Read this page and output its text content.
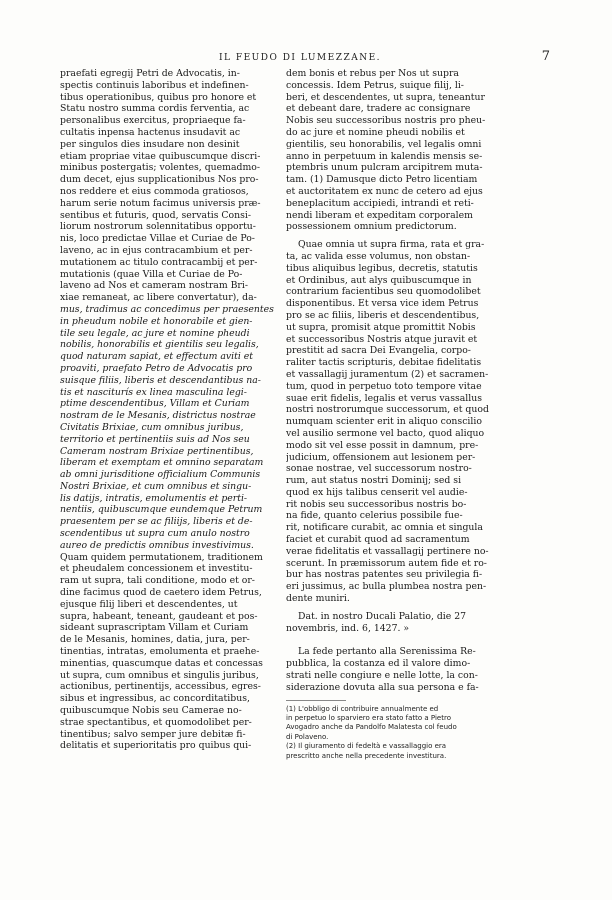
IL FEUDO DI LUMEZZANE.	7
praefati egregij Petri de Advocatis, in-
spectis continuis laboribus et indefinen-
tibus operationibus, quibus pro honore et
Statu nostro summa cordis ferventia, ac
personalibus exercitus, propriaeque fa-
cultatis inpensa hactenus insudavit ac
per singulos dies insudare non desinit
etiam propriae vitae quibuscumque discri-
minibus postergatis; volentes, quemadmo-
dum decet, ejus supplicationibus Nos pro-
nos reddere et eius commoda gratiosos,
harum serie notum facimus universis præ-
sentibus et futuris, quod, servatis Consi-
liorum nostrorum solennitatibus opportu-
nis, loco predictae Villae et Curiae de Po-
laveno, ac in ejus contracambium et per-
mutationem ac titulo contracambij et per-
mutationis (quae Villa et Curiae de Po-
laveno ad Nos et cameram nostram Bri-
xiae remaneat, ac libere convertatur), da-
mus, tradimus ac concedimus per praesentes
in pheudum nobile et honorabile et gien-
tile seu legale, ac jure et nomine pheudi
nobilis, honorabilis et gientilis seu legalis,
quod naturam sapiat, et effectum aviti et
proaviti, praefato Petro de Advocatis pro
suisque filiis, liberis et descendantibus na-
tis et nasciturís ex linea masculina legi-
ptime descendentibus, Villam et Curiam
nostram de le Mesanis, districtus nostrae
Civitatis Brixiae, cum omnibus juribus,
territorio et pertinentiis suis ad Nos seu
Cameram nostram Brixiae pertinentibus,
liberam et exemptam et omnino separatam
ab omni jurisditione officialium Communis
Nostri Brixiae, et cum omnibus et singu-
lis datijs, intratis, emolumentis et perti-
nentiis, quibuscumque eundemque Petrum
praesentem per se ac filiijs, liberis et de-
scendentibus ut supra cum anulo nostro
aureo de predictis omnibus investivimus.
Quam quidem permutationem, traditionem
et pheudalem concessionem et investitu-
ram ut supra, tali conditione, modo et or-
dine facimus quod de caetero idem Petrus,
ejusque filij liberi et descendentes, ut
supra, habeant, teneant, gaudeant et pos-
sideant suprascriptam Villam et Curiam
de le Mesanis, homines, datia, jura, per-
tinentias, intratas, emolumenta et praehe-
minentias, quascumque datas et concessas
ut supra, cum omnibus et singulis juribus,
actionibus, pertinentijs, accessibus, egres-
sibus et ingressibus, ac concorditatibus,
quibuscumque Nobis seu Camerae no-
strae spectantibus, et quomodolibet per-
tinentibus; salvo semper jure debitæ fi-
delitatis et superioritatis pro quibus qui-
dem bonis et rebus per Nos ut supra
concessis. Idem Petrus, suique filij, li-
beri, et descendentes, ut supra, teneantur
et debeant dare, tradere ac consignare
Nobis seu successoribus nostris pro pheu-
do ac jure et nomine pheudi nobilis et
gientilis, seu honorabilis, vel legalis omni
anno in perpetuum in kalendis mensis se-
ptembris unum pulcram arcipitrem muta-
tam. (1) Damusque dicto Petro licentiam
et auctoritatem ex nunc de cetero ad ejus
beneplacitum accipiedi, intrandi et reti-
nendi liberam et expeditam corporalem
possessionem omnium predictorum.
Quae omnia ut supra firma, rata et gra-
ta, ac valida esse volumus, non obstan-
tibus aliquibus legibus, decretis, statutis
et Ordinibus, aut alys quibuscumque in
contrarium facientibus seu quomodolibet
disponentibus. Et versa vice idem Petrus
pro se ac filiis, liberis et descendentibus,
ut supra, promisit atque promittit Nobis
et successoribus Nostris atque juravit et
prestitit ad sacra Dei Evangelia, corpo-
raliter tactis scripturis, debitae fidelitatis
et vassallagij juramentum (2) et sacramen-
tum, quod in perpetuo toto tempore vitae
suae erit fidelis, legalis et verus vassallus
nostri nostrorumque successorum, et quod
numquam scienter erit in aliquo conscilio
vel ausilio sermone vel bacto, quod aliquo
modo sit vel esse possit in damnum, pre-
judicium, offensionem aut lesionem per-
sonae nostrae, vel successorum nostro-
rum, aut status nostri Dominij; sed si
quod ex hijs talibus censerit vel audie-
rit nobis seu successoribus nostris bo-
na fide, quanto celerius possibile fue-
rit, notificare curabit, ac omnia et singula
faciet et curabit quod ad sacramentum
verae fidelitatis et vassallagij pertinere no-
scerunt. In præmissorum autem fide et ro-
bur has nostras patentes seu privilegia fi-
eri jussimus, ac bulla plumbea nostra pen-
dente muniri.
Dat. in nostro Ducali Palatio, die 27
novembris, ind. 6, 1427. »
La fede pertanto alla Serenissima Re-
pubblica, la costanza ed il valore dimo-
strati nelle congiure e nelle lotte, la con-
siderazione dovuta alla sua persona e fa-
(1) L'obbligo di contribuire annualmente ed
in perpetuo lo sparviero era stato fatto a Pietro
Avogadro anche da Pandolfo Malatesta col feudo
di Polaveno.
(2) Il giuramento di fedeltà e vassallaggio era
prescritto anche nella precedente investitura.
